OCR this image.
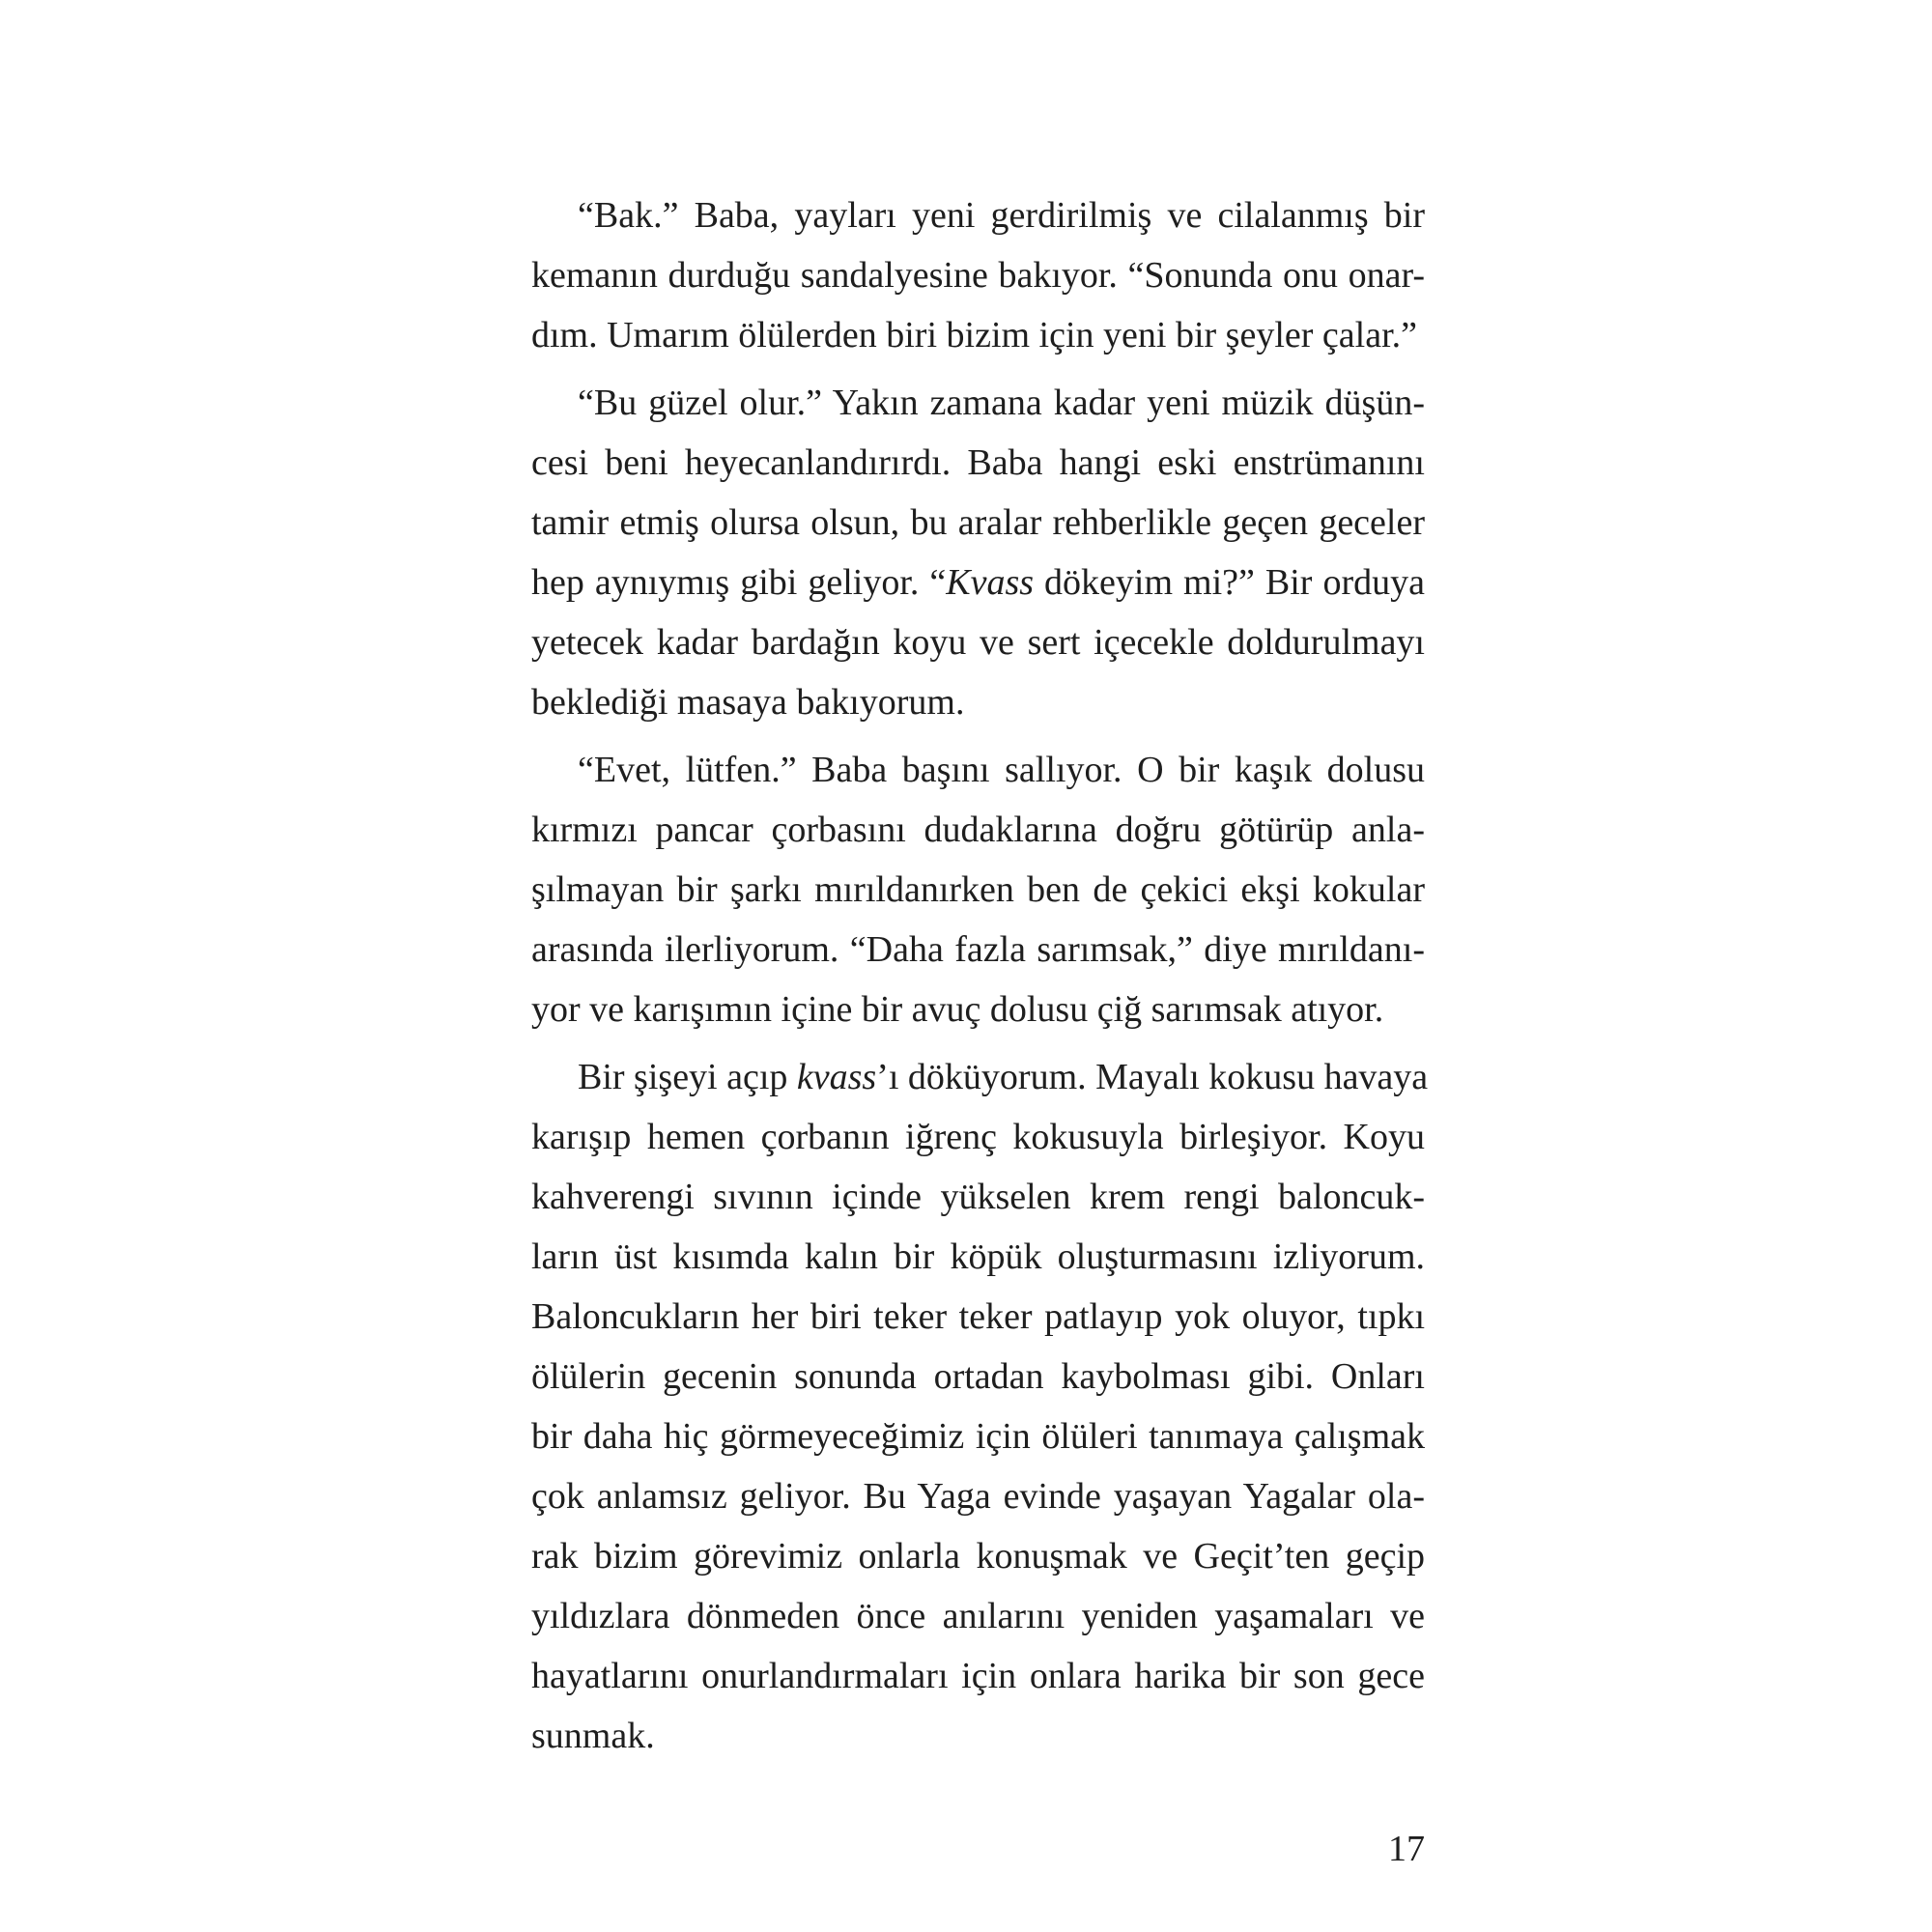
“Bak.” Baba, yayları yeni gerdirilmiş ve cilalanmış bir
kemanın durduğu sandalyesine bakıyor. “Sonunda onu onar-
dım. Umarım ölülerden biri bizim için yeni bir şeyler çalar.”
“Bu güzel olur.” Yakın zamana kadar yeni müzik düşün-
cesi beni heyecanlandırırdı. Baba hangi eski enstrümanını
tamir etmiş olursa olsun, bu aralar rehberlikle geçen geceler
hep aynıymış gibi geliyor. “Kvass dökeyim mi?” Bir orduya
yetecek kadar bardağın koyu ve sert içecekle doldurulmayı
beklediği masaya bakıyorum.
“Evet, lütfen.” Baba başını sallıyor. O bir kaşık dolusu
kırmızı pancar çorbasını dudaklarına doğru götürüp anla-
şılmayan bir şarkı mırıldanırken ben de çekici ekşi kokular
arasında ilerliyorum. “Daha fazla sarımsak,” diye mırıldanı-
yor ve karışımın içine bir avuç dolusu çiğ sarımsak atıyor.
Bir şişeyi açıp kvass’ı döküyorum. Mayalı kokusu havaya
karışıp hemen çorbanın iğrenç kokusuyla birleşiyor. Koyu
kahverengi sıvının içinde yükselen krem rengi baloncuk-
ların üst kısımda kalın bir köpük oluşturmasını izliyorum.
Baloncukların her biri teker teker patlayıp yok oluyor, tıpkı
ölülerin gecenin sonunda ortadan kaybolması gibi. Onları
bir daha hiç görmeyeceğimiz için ölüleri tanımaya çalışmak
çok anlamsız geliyor. Bu Yaga evinde yaşayan Yagalar ola-
rak bizim görevimiz onlarla konuşmak ve Geçit’ten geçip
yıldızlara dönmeden önce anılarını yeniden yaşamaları ve
hayatlarını onurlandırmaları için onlara harika bir son gece
sunmak.
17
